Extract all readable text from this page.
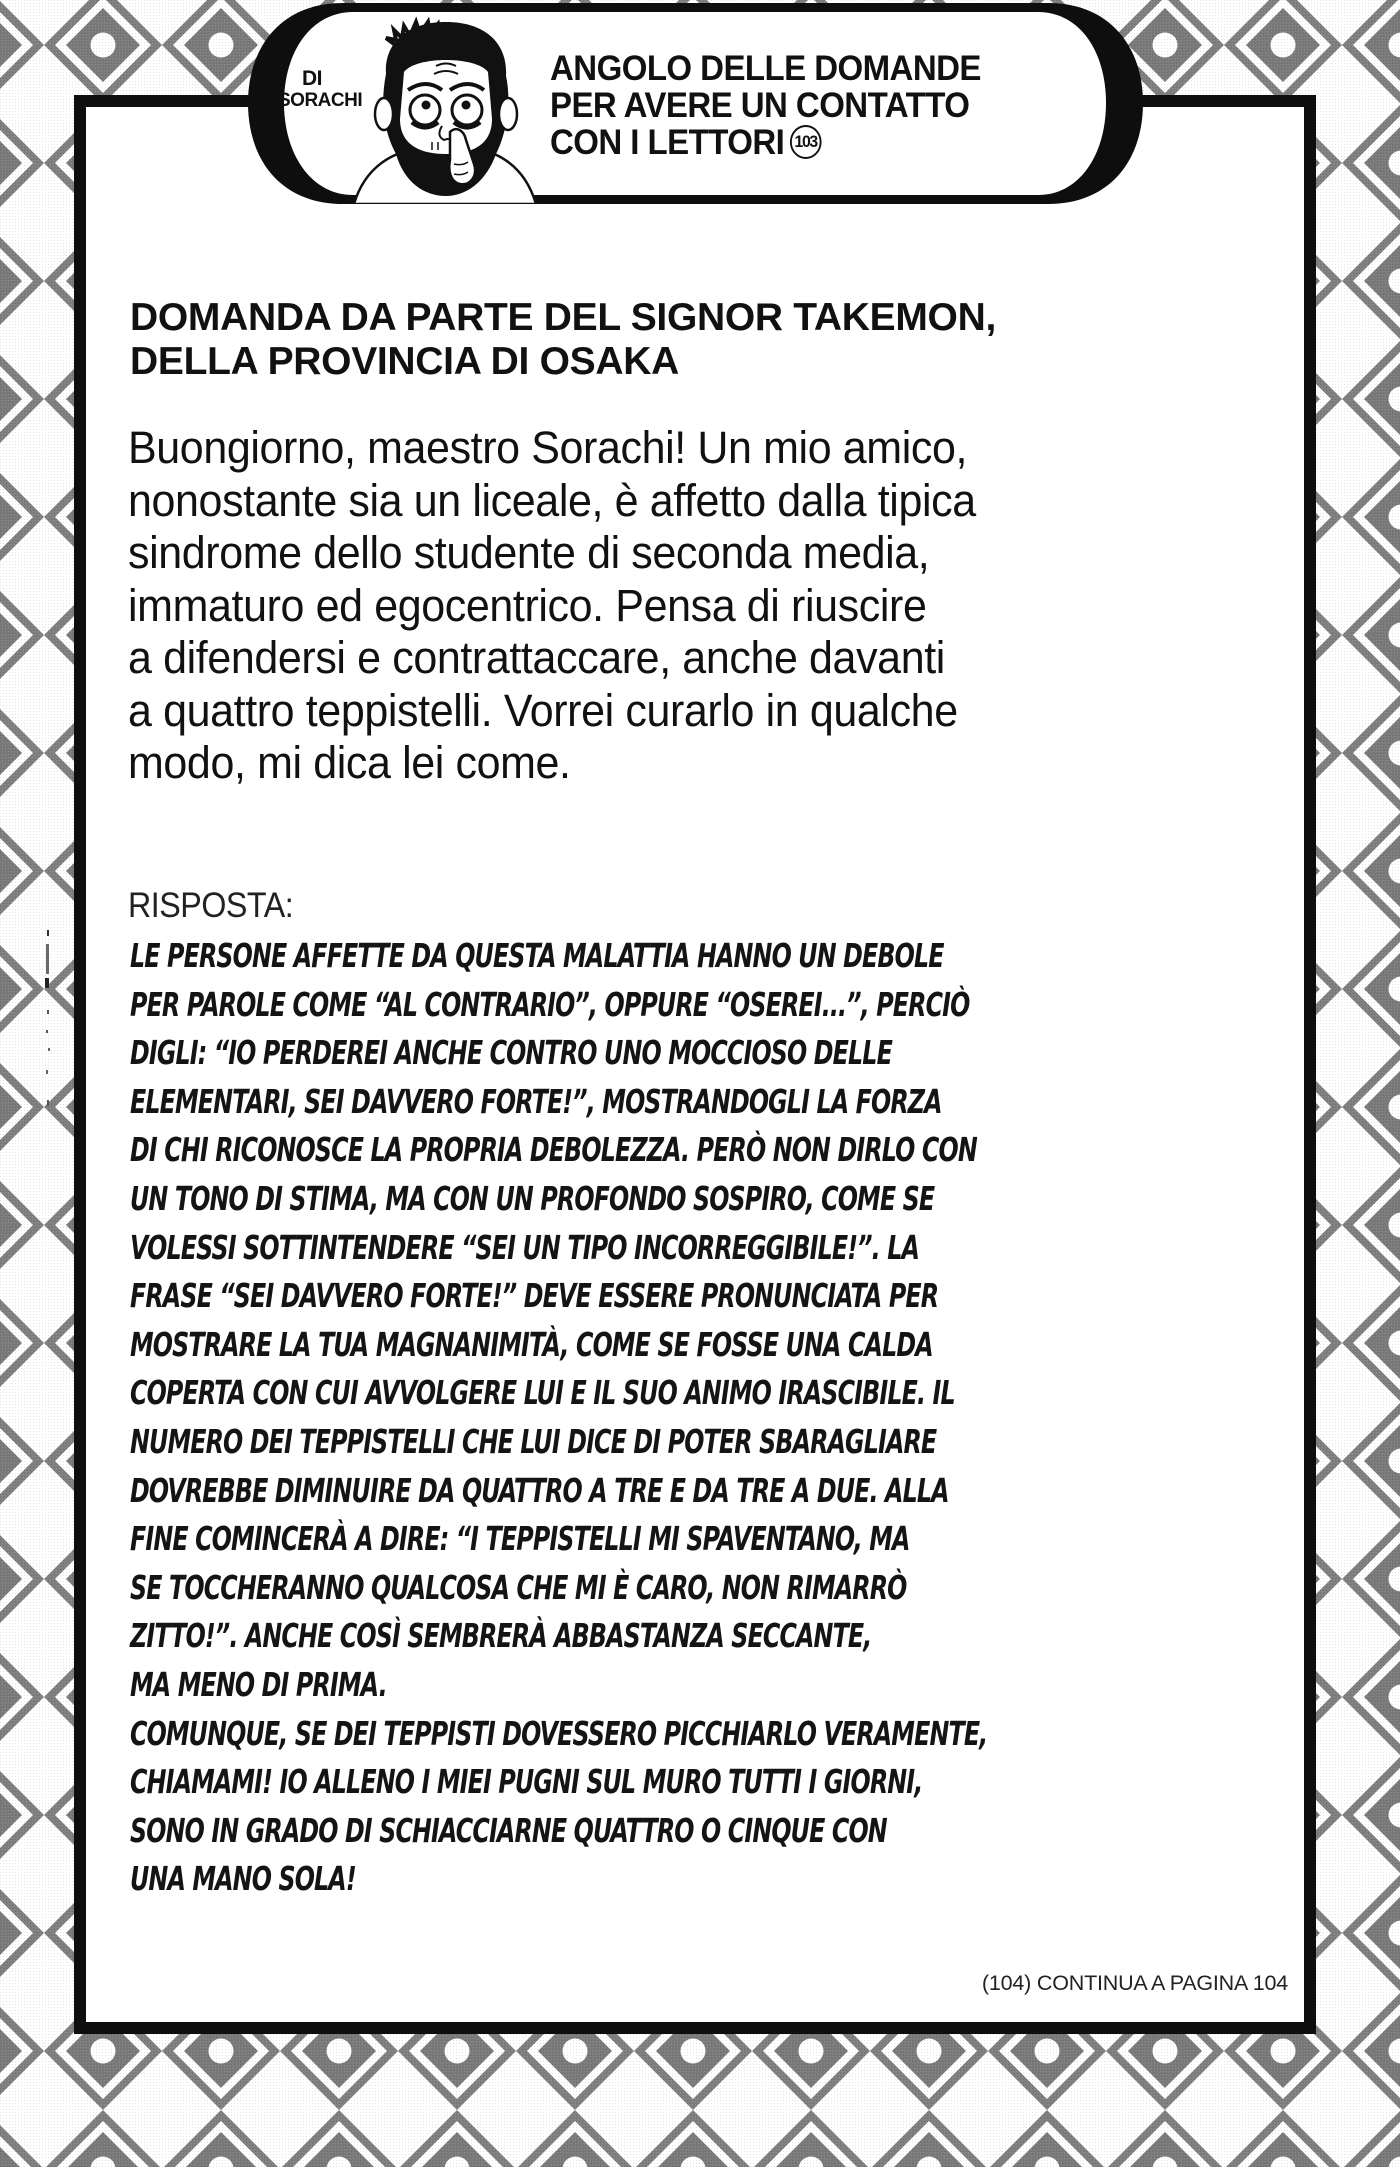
DI
SORACHI
ANGOLO DELLE DOMANDE
PER AVERE UN CONTATTO
CON I LETTORI 103
DOMANDA DA PARTE DEL SIGNOR TAKEMON,
DELLA PROVINCIA DI OSAKA
Buongiorno, maestro Sorachi! Un mio amico,
nonostante sia un liceale, è affetto dalla tipica
sindrome dello studente di seconda media,
immaturo ed egocentrico. Pensa di riuscire
a difendersi e contrattaccare, anche davanti
a quattro teppistelli. Vorrei curarlo in qualche
modo, mi dica lei come.
RISPOSTA:
LE PERSONE AFFETTE DA QUESTA MALATTIA HANNO UN DEBOLE
PER PAROLE COME “AL CONTRARIO”, OPPURE “OSEREI...”, PERCIÒ
DIGLI: “IO PERDEREI ANCHE CONTRO UNO MOCCIOSO DELLE
ELEMENTARI, SEI DAVVERO FORTE!”, MOSTRANDOGLI LA FORZA
DI CHI RICONOSCE LA PROPRIA DEBOLEZZA. PERÒ NON DIRLO CON
UN TONO DI STIMA, MA CON UN PROFONDO SOSPIRO, COME SE
VOLESSI SOTTINTENDERE “SEI UN TIPO INCORREGGIBILE!”. LA
FRASE “SEI DAVVERO FORTE!” DEVE ESSERE PRONUNCIATA PER
MOSTRARE LA TUA MAGNANIMITÀ, COME SE FOSSE UNA CALDA
COPERTA CON CUI AVVOLGERE LUI E IL SUO ANIMO IRASCIBILE. IL
NUMERO DEI TEPPISTELLI CHE LUI DICE DI POTER SBARAGLIARE
DOVREBBE DIMINUIRE DA QUATTRO A TRE E DA TRE A DUE. ALLA
FINE COMINCERÀ A DIRE: “I TEPPISTELLI MI SPAVENTANO, MA
SE TOCCHERANNO QUALCOSA CHE MI È CARO, NON RIMARRÒ
ZITTO!”. ANCHE COSÌ SEMBRERÀ ABBASTANZA SECCANTE,
MA MENO DI PRIMA.
COMUNQUE, SE DEI TEPPISTI DOVESSERO PICCHIARLO VERAMENTE,
CHIAMAMI! IO ALLENO I MIEI PUGNI SUL MURO TUTTI I GIORNI,
SONO IN GRADO DI SCHIACCIARNE QUATTRO O CINQUE CON
UNA MANO SOLA!
(104) CONTINUA A PAGINA 104
